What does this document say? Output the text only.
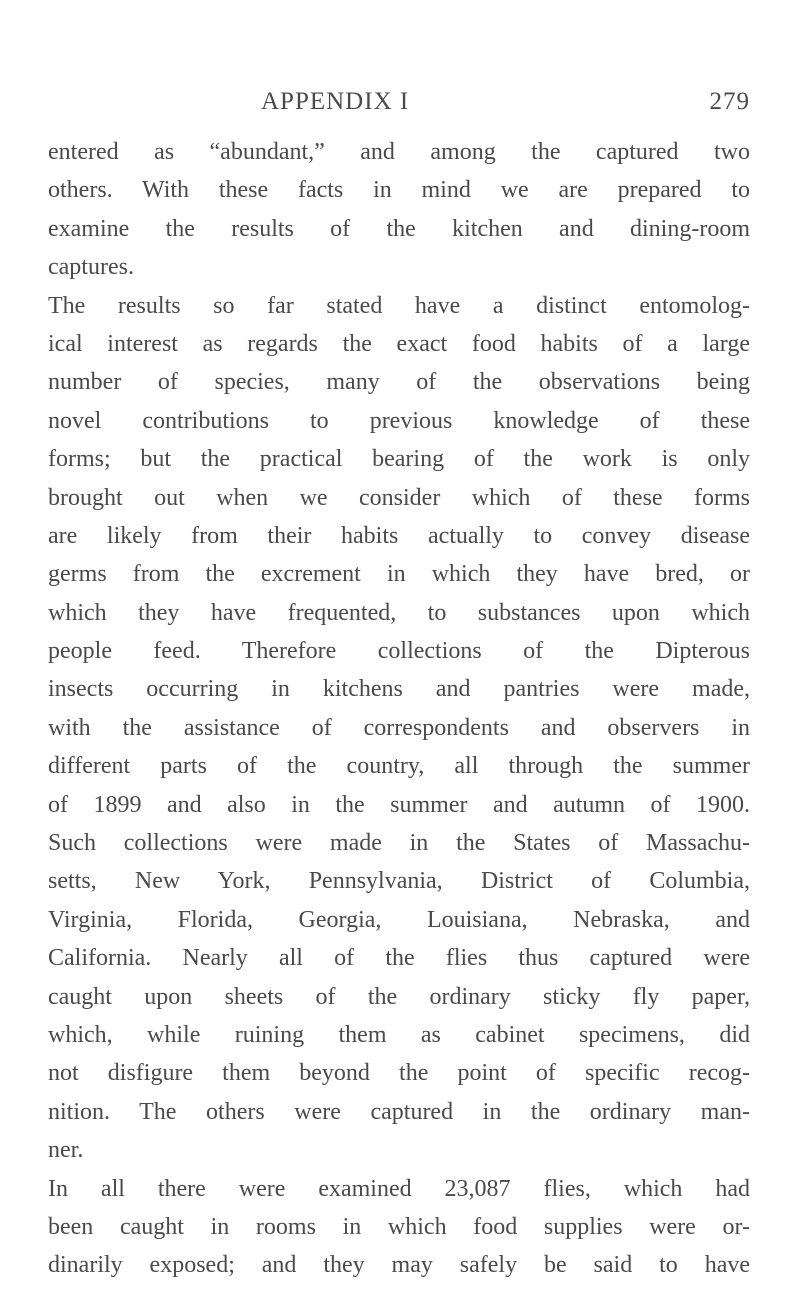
APPENDIX I	279
entered as “abundant,” and among the captured two
others. With these facts in mind we are prepared to
examine the results of the kitchen and dining-room
captures.
The results so far stated have a distinct entomolog-
ical interest as regards the exact food habits of a large
number of species, many of the observations being
novel contributions to previous knowledge of these
forms; but the practical bearing of the work is only
brought out when we consider which of these forms
are likely from their habits actually to convey disease
germs from the excrement in which they have bred, or
which they have frequented, to substances upon which
people feed. Therefore collections of the Dipterous
insects occurring in kitchens and pantries were made,
with the assistance of correspondents and observers in
different parts of the country, all through the summer
of 1899 and also in the summer and autumn of 1900.
Such collections were made in the States of Massachu-
setts, New York, Pennsylvania, District of Columbia,
Virginia, Florida, Georgia, Louisiana, Nebraska, and
California. Nearly all of the flies thus captured were
caught upon sheets of the ordinary sticky fly paper,
which, while ruining them as cabinet specimens, did
not disfigure them beyond the point of specific recog-
nition. The others were captured in the ordinary man-
ner.
In all there were examined 23,087 flies, which had
been caught in rooms in which food supplies were or-
dinarily exposed; and they may safely be said to have
